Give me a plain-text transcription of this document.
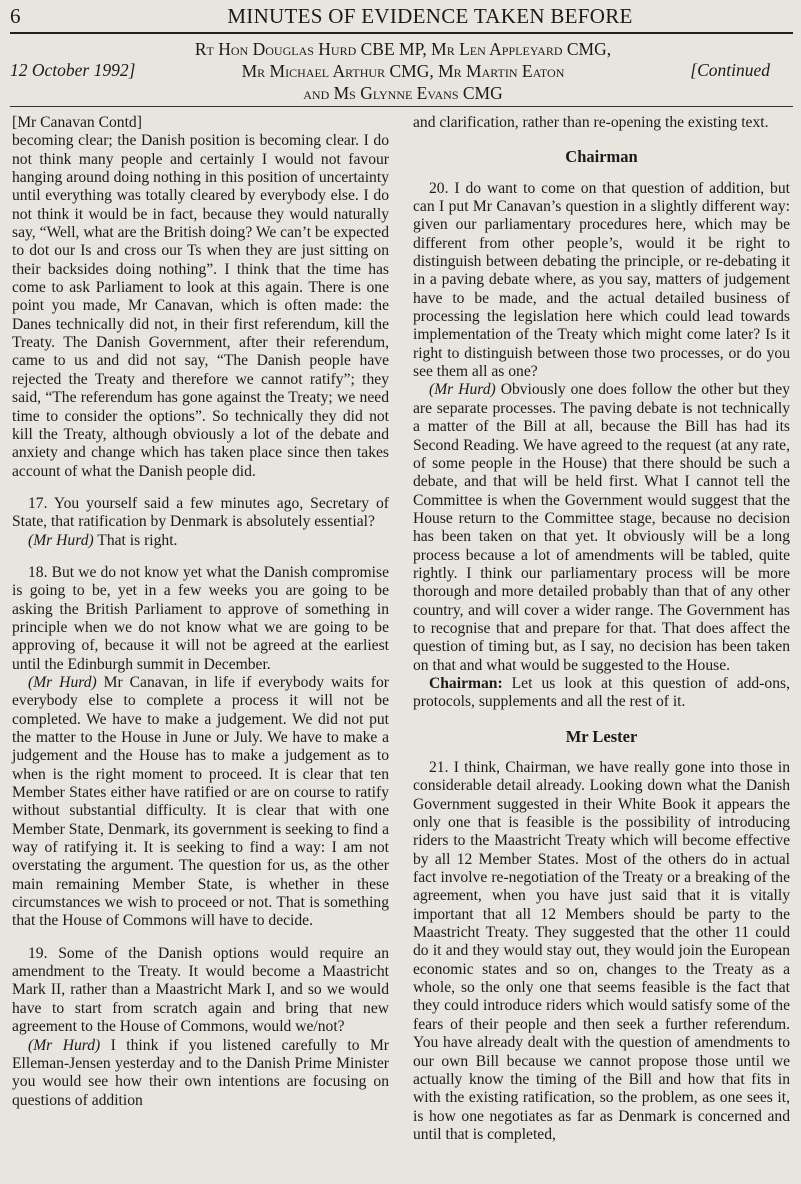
6	MINUTES OF EVIDENCE TAKEN BEFORE
Rt Hon Douglas Hurd CBE MP, Mr Len Appleyard CMG,
Mr Michael Arthur CMG, Mr Martin Eaton
and Ms Glynne Evans CMG
12 October 1992]	[Continued

[Mr Canavan Contd]

becoming clear; the Danish position is becoming clear. I do not think many people and certainly I would not favour hanging around doing nothing in this position of uncertainty until everything was totally cleared by everybody else. I do not think it would be in fact, because they would naturally say, “Well, what are the British doing? We can’t be expected to dot our Is and cross our Ts when they are just sitting on their backsides doing nothing”. I think that the time has come to ask Parliament to look at this again. There is one point you made, Mr Canavan, which is often made: the Danes technically did not, in their first referendum, kill the Treaty. The Danish Government, after their referendum, came to us and did not say, “The Danish people have rejected the Treaty and therefore we cannot ratify”; they said, “The referendum has gone against the Treaty; we need time to consider the options”. So technically they did not kill the Treaty, although obviously a lot of the debate and anxiety and change which has taken place since then takes account of what the Danish people did.

17. You yourself said a few minutes ago, Secretary of State, that ratification by Denmark is absolutely essential?

(Mr Hurd) That is right.

18. But we do not know yet what the Danish compromise is going to be, yet in a few weeks you are going to be asking the British Parliament to approve of something in principle when we do not know what we are going to be approving of, because it will not be agreed at the earliest until the Edinburgh summit in December.

(Mr Hurd) Mr Canavan, in life if everybody waits for everybody else to complete a process it will not be completed. We have to make a judgement. We did not put the matter to the House in June or July. We have to make a judgement and the House has to make a judgement as to when is the right moment to proceed. It is clear that ten Member States either have ratified or are on course to ratify without substantial difficulty. It is clear that with one Member State, Denmark, its government is seeking to find a way of ratifying it. It is seeking to find a way: I am not overstating the argument. The question for us, as the other main remaining Member State, is whether in these circumstances we wish to proceed or not. That is something that the House of Commons will have to decide.

19. Some of the Danish options would require an amendment to the Treaty. It would become a Maastricht Mark II, rather than a Maastricht Mark I, and so we would have to start from scratch again and bring that new agreement to the House of Commons, would we/not?

(Mr Hurd) I think if you listened carefully to Mr Elleman-Jensen yesterday and to the Danish Prime Minister you would see how their own intentions are focusing on questions of addition

and clarification, rather than re-opening the existing text.

Chairman

20. I do want to come on that question of addition, but can I put Mr Canavan’s question in a slightly different way: given our parliamentary procedures here, which may be different from other people’s, would it be right to distinguish between debating the principle, or re-debating it in a paving debate where, as you say, matters of judgement have to be made, and the actual detailed business of processing the legislation here which could lead towards implementation of the Treaty which might come later? Is it right to distinguish between those two processes, or do you see them all as one?

(Mr Hurd) Obviously one does follow the other but they are separate processes. The paving debate is not technically a matter of the Bill at all, because the Bill has had its Second Reading. We have agreed to the request (at any rate, of some people in the House) that there should be such a debate, and that will be held first. What I cannot tell the Committee is when the Government would suggest that the House return to the Committee stage, because no decision has been taken on that yet. It obviously will be a long process because a lot of amendments will be tabled, quite rightly. I think our parliamentary process will be more thorough and more detailed probably than that of any other country, and will cover a wider range. The Government has to recognise that and prepare for that. That does affect the question of timing but, as I say, no decision has been taken on that and what would be suggested to the House.

Chairman: Let us look at this question of add-ons, protocols, supplements and all the rest of it.

Mr Lester

21. I think, Chairman, we have really gone into those in considerable detail already. Looking down what the Danish Government suggested in their White Book it appears the only one that is feasible is the possibility of introducing riders to the Maastricht Treaty which will become effective by all 12 Member States. Most of the others do in actual fact involve re-negotiation of the Treaty or a breaking of the agreement, when you have just said that it is vitally important that all 12 Members should be party to the Maastricht Treaty. They suggested that the other 11 could do it and they would stay out, they would join the European economic states and so on, changes to the Treaty as a whole, so the only one that seems feasible is the fact that they could introduce riders which would satisfy some of the fears of their people and then seek a further referendum. You have already dealt with the question of amendments to our own Bill because we cannot propose those until we actually know the timing of the Bill and how that fits in with the existing ratification, so the problem, as one sees it, is how one negotiates as far as Denmark is concerned and until that is completed,
